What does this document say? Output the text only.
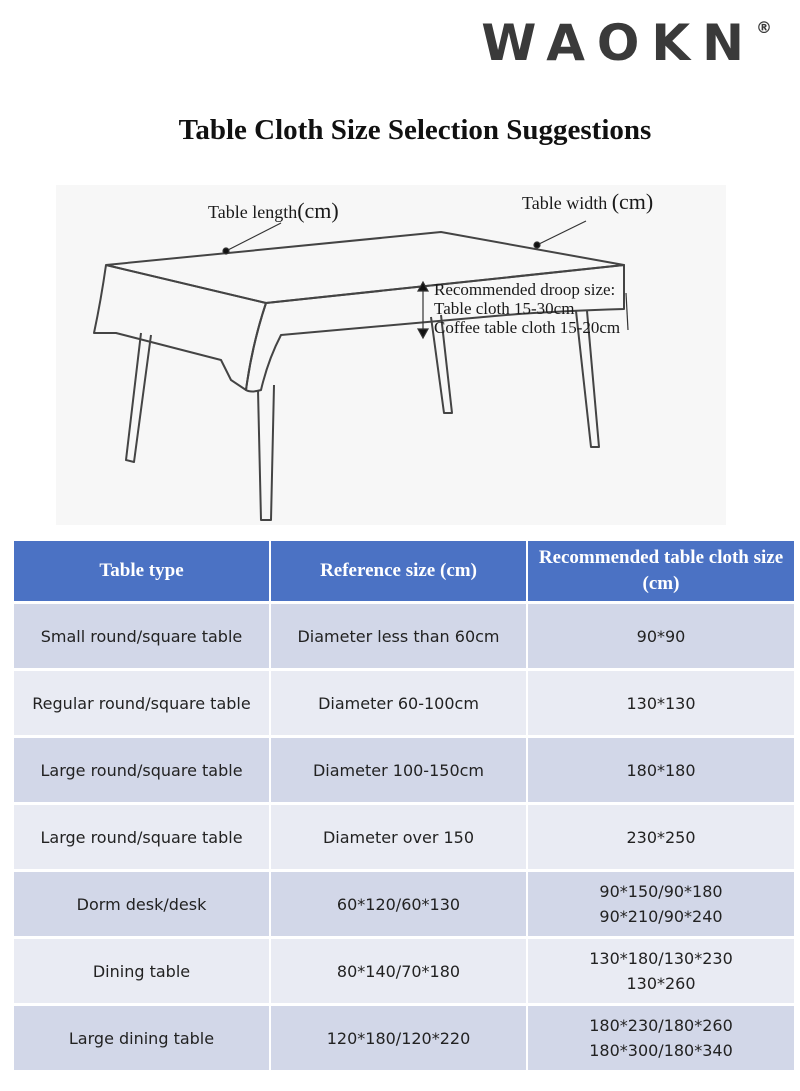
WAOKN®
Table Cloth Size Selection Suggestions
Table length(cm)	Table width (cm)
Recommended droop size:
Table cloth 15-30cm
Coffee table cloth 15-20cm
Table type	Reference size (cm)	Recommended table cloth size (cm)
Small round/square table	Diameter less than 60cm	90*90

Regular round/square table	Diameter 60-100cm	130*130

Large round/square table	Diameter 100-150cm	180*180

Large round/square table	Diameter over 150	230*250

Dorm desk/desk	60*120/60*130	90*150/90*180
90*210/90*240

Dining table	80*140/70*180	130*180/130*230
130*260

Large dining table	120*180/120*220	180*230/180*260
180*300/180*340
